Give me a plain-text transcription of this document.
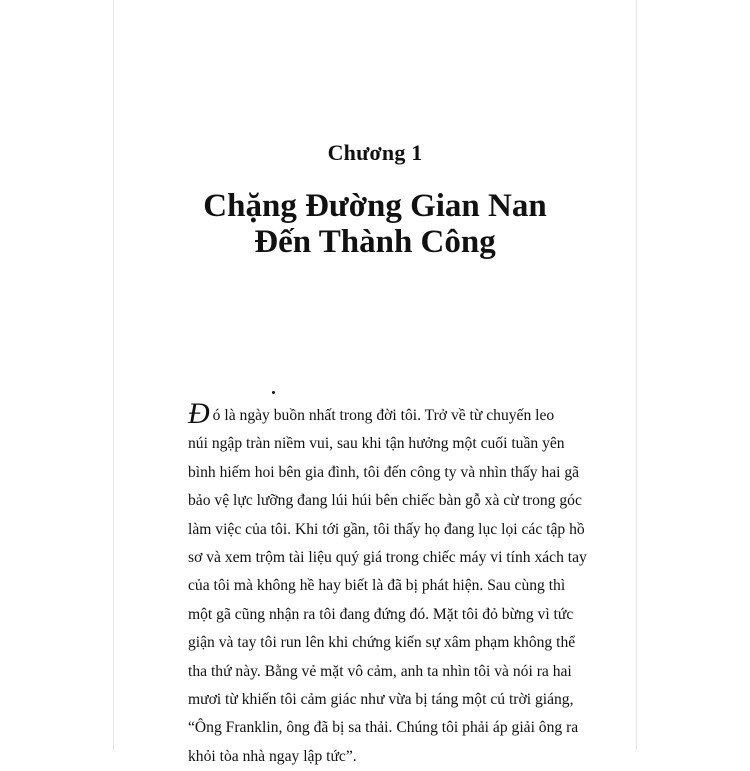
Chương 1
Chặng Đường Gian Nan
Đến Thành Công
Đó là ngày buồn nhất trong đời tôi. Trở về từ chuyến leo
núi ngập tràn niềm vui, sau khi tận hưởng một cuối tuần yên
bình hiếm hoi bên gia đình, tôi đến công ty và nhìn thấy hai gã
bảo vệ lực lưỡng đang lúi húi bên chiếc bàn gỗ xà cừ trong góc
làm việc của tôi. Khi tới gần, tôi thấy họ đang lục lọi các tập hồ
sơ và xem trộm tài liệu quý giá trong chiếc máy vi tính xách tay
của tôi mà không hề hay biết là đã bị phát hiện. Sau cùng thì
một gã cũng nhận ra tôi đang đứng đó. Mặt tôi đỏ bừng vì tức
giận và tay tôi run lên khi chứng kiến sự xâm phạm không thể
tha thứ này. Bằng vẻ mặt vô cảm, anh ta nhìn tôi và nói ra hai
mươi từ khiến tôi cảm giác như vừa bị táng một cú trời giáng,
“Ông Franklin, ông đã bị sa thải. Chúng tôi phải áp giải ông ra
khỏi tòa nhà ngay lập tức”.
